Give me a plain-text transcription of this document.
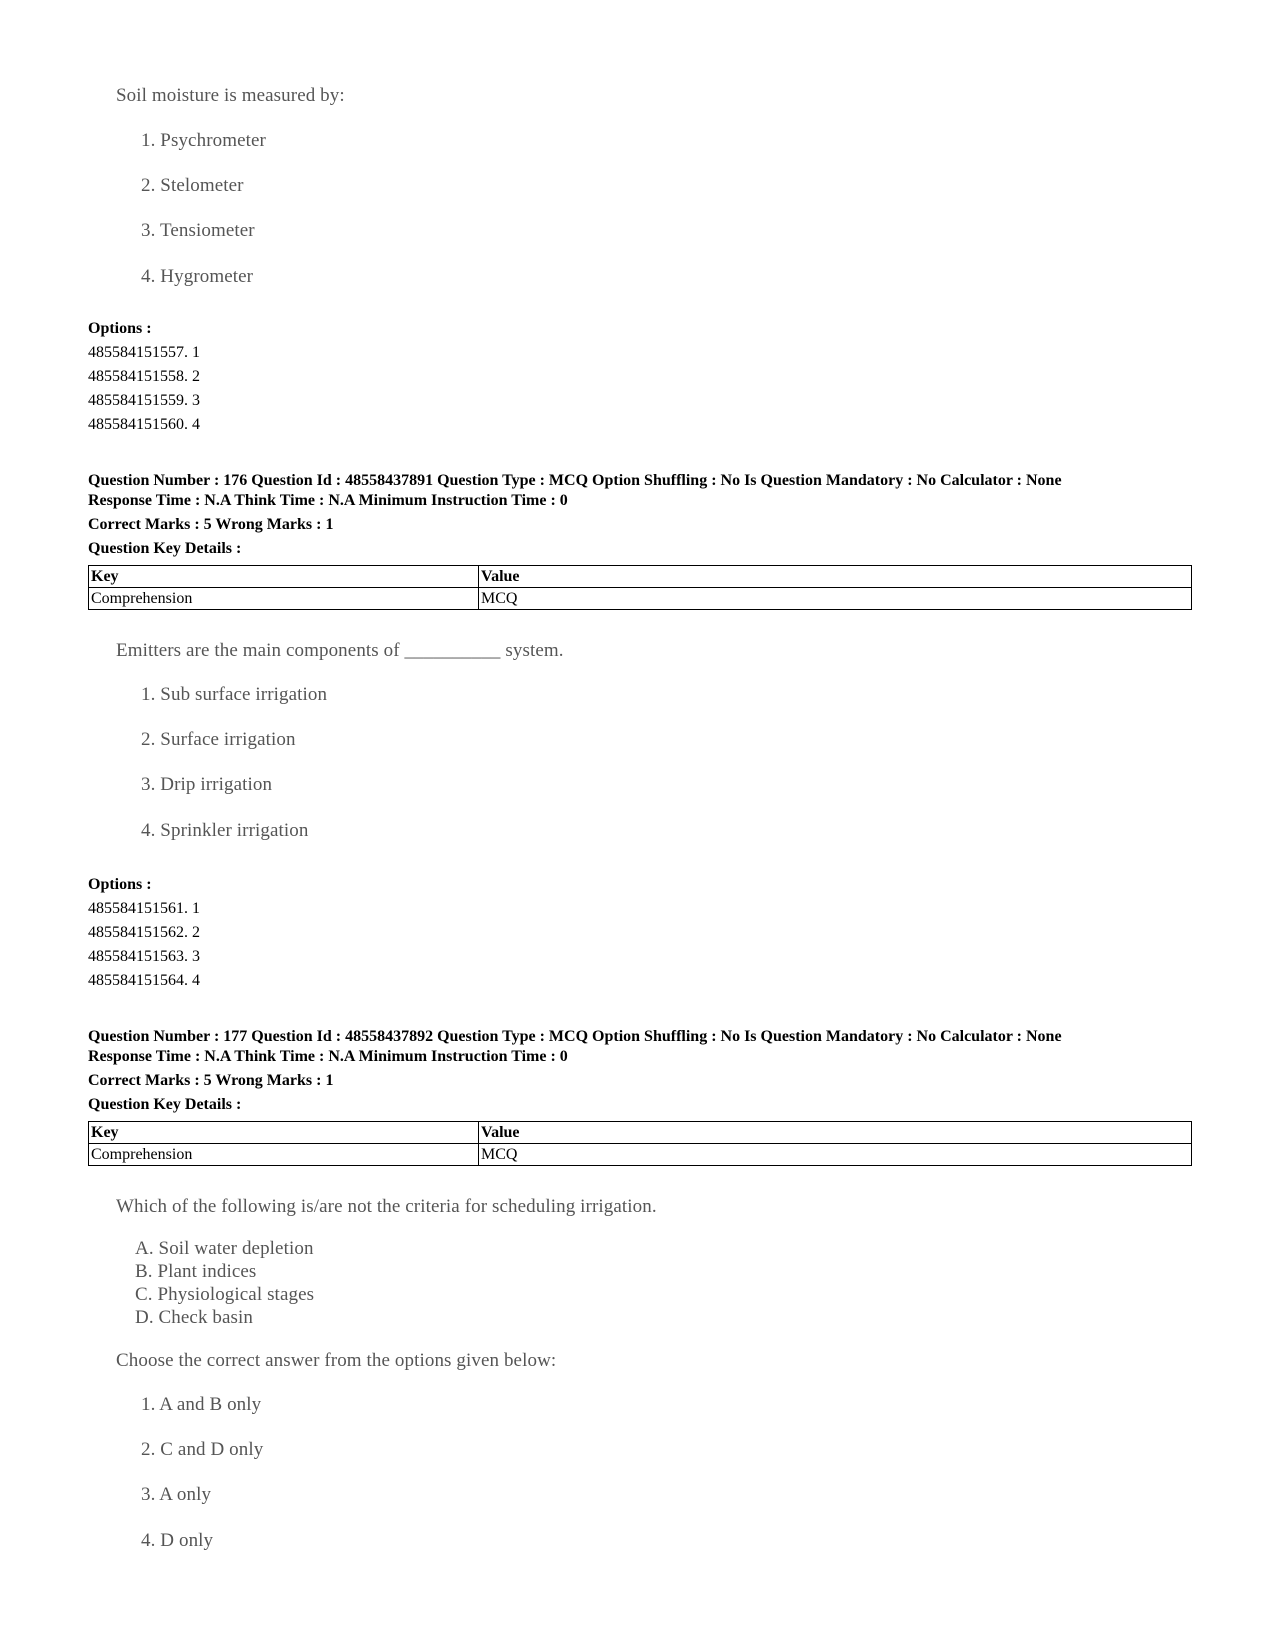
Soil moisture is measured by:
1. Psychrometer
2. Stelometer
3. Tensiometer
4. Hygrometer
Options :
485584151557. 1
485584151558. 2
485584151559. 3
485584151560. 4
Question Number : 176 Question Id : 48558437891 Question Type : MCQ Option Shuffling : No Is Question Mandatory : No Calculator : None
Response Time : N.A Think Time : N.A Minimum Instruction Time : 0
Correct Marks : 5 Wrong Marks : 1
Question Key Details :
Key	Value
Comprehension	MCQ
Emitters are the main components of __________ system.
1. Sub surface irrigation
2. Surface irrigation
3. Drip irrigation
4. Sprinkler irrigation
Options :
485584151561. 1
485584151562. 2
485584151563. 3
485584151564. 4
Question Number : 177 Question Id : 48558437892 Question Type : MCQ Option Shuffling : No Is Question Mandatory : No Calculator : None
Response Time : N.A Think Time : N.A Minimum Instruction Time : 0
Correct Marks : 5 Wrong Marks : 1
Question Key Details :
Key	Value
Comprehension	MCQ
Which of the following is/are not the criteria for scheduling irrigation.
A. Soil water depletion
B. Plant indices
C. Physiological stages
D. Check basin
Choose the correct answer from the options given below:
1. A and B only
2. C and D only
3. A only
4. D only
